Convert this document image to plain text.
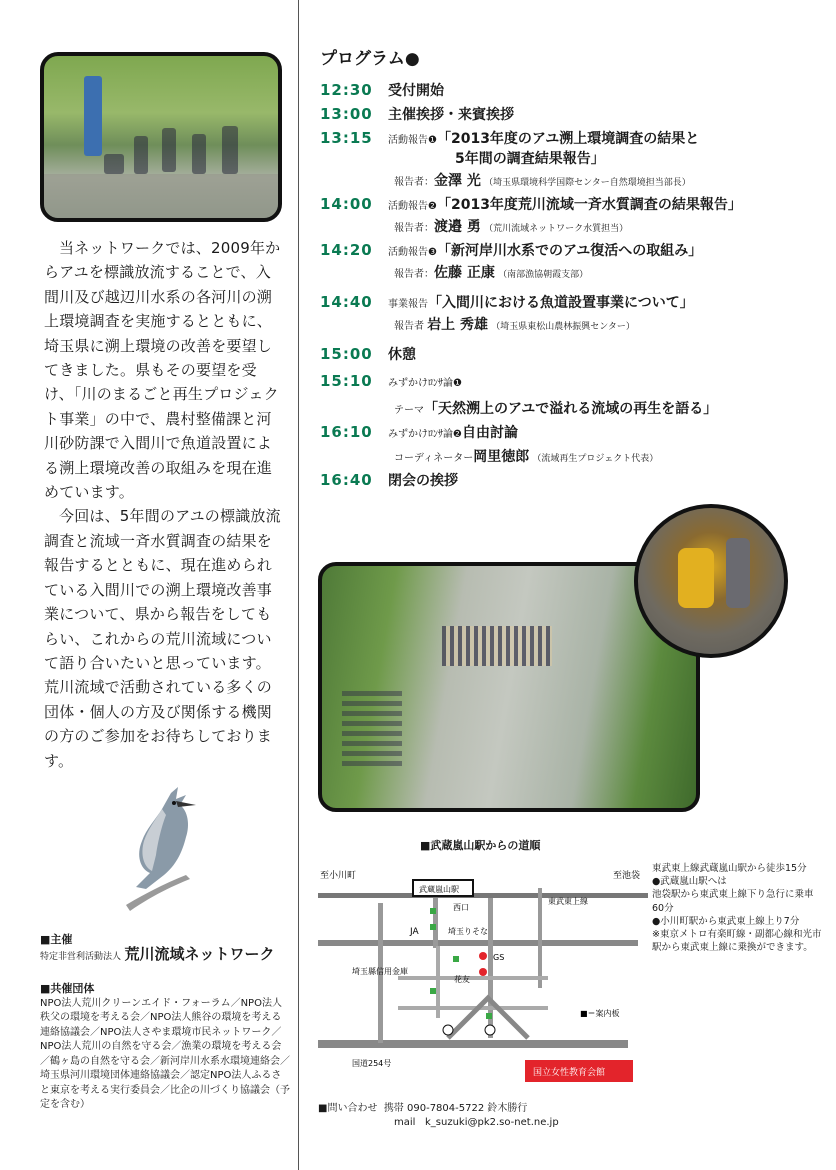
当ネットワークでは、2009年からアユを標識放流することで、入間川及び越辺川水系の各河川の溯上環境調査を実施するとともに、埼玉県に溯上環境の改善を要望してきました。県もその要望を受け、「川のまるごと再生プロジェクト事業」の中で、農村整備課と河川砂防課で入間川で魚道設置による溯上環境改善の取組みを現在進めています。

今回は、5年間のアユの標識放流調査と流域一斉水質調査の結果を報告するとともに、現在進められている入間川での溯上環境改善事業について、県から報告をしてもらい、これからの荒川流域について語り合いたいと思っています。荒川流域で活動されている多くの団体・個人の方及び関係する機関の方のご参加をお待ちしております。

■主催
特定非営利活動法人 荒川流域ネットワーク
■共催団体
NPO法人荒川クリーンエイド・フォーラム／NPO法人秩父の環境を考える会／NPO法人熊谷の環境を考える連絡協議会／NPO法人さやま環境市民ネットワーク／NPO法人荒川の自然を守る会／漁業の環境を考える会／鶴ヶ島の自然を守る会／新河岸川水系水環境連絡会／埼玉県河川環境団体連絡協議会／認定NPO法人ふるさと東京を考える実行委員会／比企の川づくり協議会（予定を含む）
プログラム●
12:30 受付開始
13:00 主催挨拶・来賓挨拶
13:15 活動報告❶「2013年度のアユ溯上環境調査の結果と
5年間の調査結果報告」
報告者：金澤 光 （埼玉県環境科学国際センター自然環境担当部長）
14:00 活動報告❷「2013年度荒川流域一斉水質調査の結果報告」
報告者：渡邉 勇 （荒川流域ネットワーク水質担当）
14:20 活動報告❸「新河岸川水系でのアユ復活への取組み」
報告者：佐藤 正康 （南部漁協朝霞支部）
14:40 事業報告「入間川における魚道設置事業について」
報告者 岩上 秀雄 （埼玉県東松山農林振興センター）
15:00 休憩
15:10 みずかけﾛﾝｻ論❶
テーマ「天然溯上のアユで溢れる流域の再生を語る」
16:10 みずかけﾛﾝｻ論❷自由討論
コーディネーター岡里徳郎 （流域再生プロジェクト代表）
16:40 閉会の挨拶
■武蔵嵐山駅からの道順
至小川町	至池袋
武蔵嵐山駅
西口
東武東上線
JA	埼玉りそな
埼玉縣信用金庫
GS
花友
■＝案内板
国道254号
国立女性教育会館
東武東上線武蔵嵐山駅から徒歩15分
●武蔵嵐山駅へは
池袋駅から東武東上線下り急行に乗車60分
●小川町駅から東武東上線上り7分
※東京メトロ有楽町線・副都心線和光市駅から東武東上線に乗換ができます。
■問い合わせ 携帯 090-7804-5722 鈴木勝行
mail k_suzuki@pk2.so-net.ne.jp
